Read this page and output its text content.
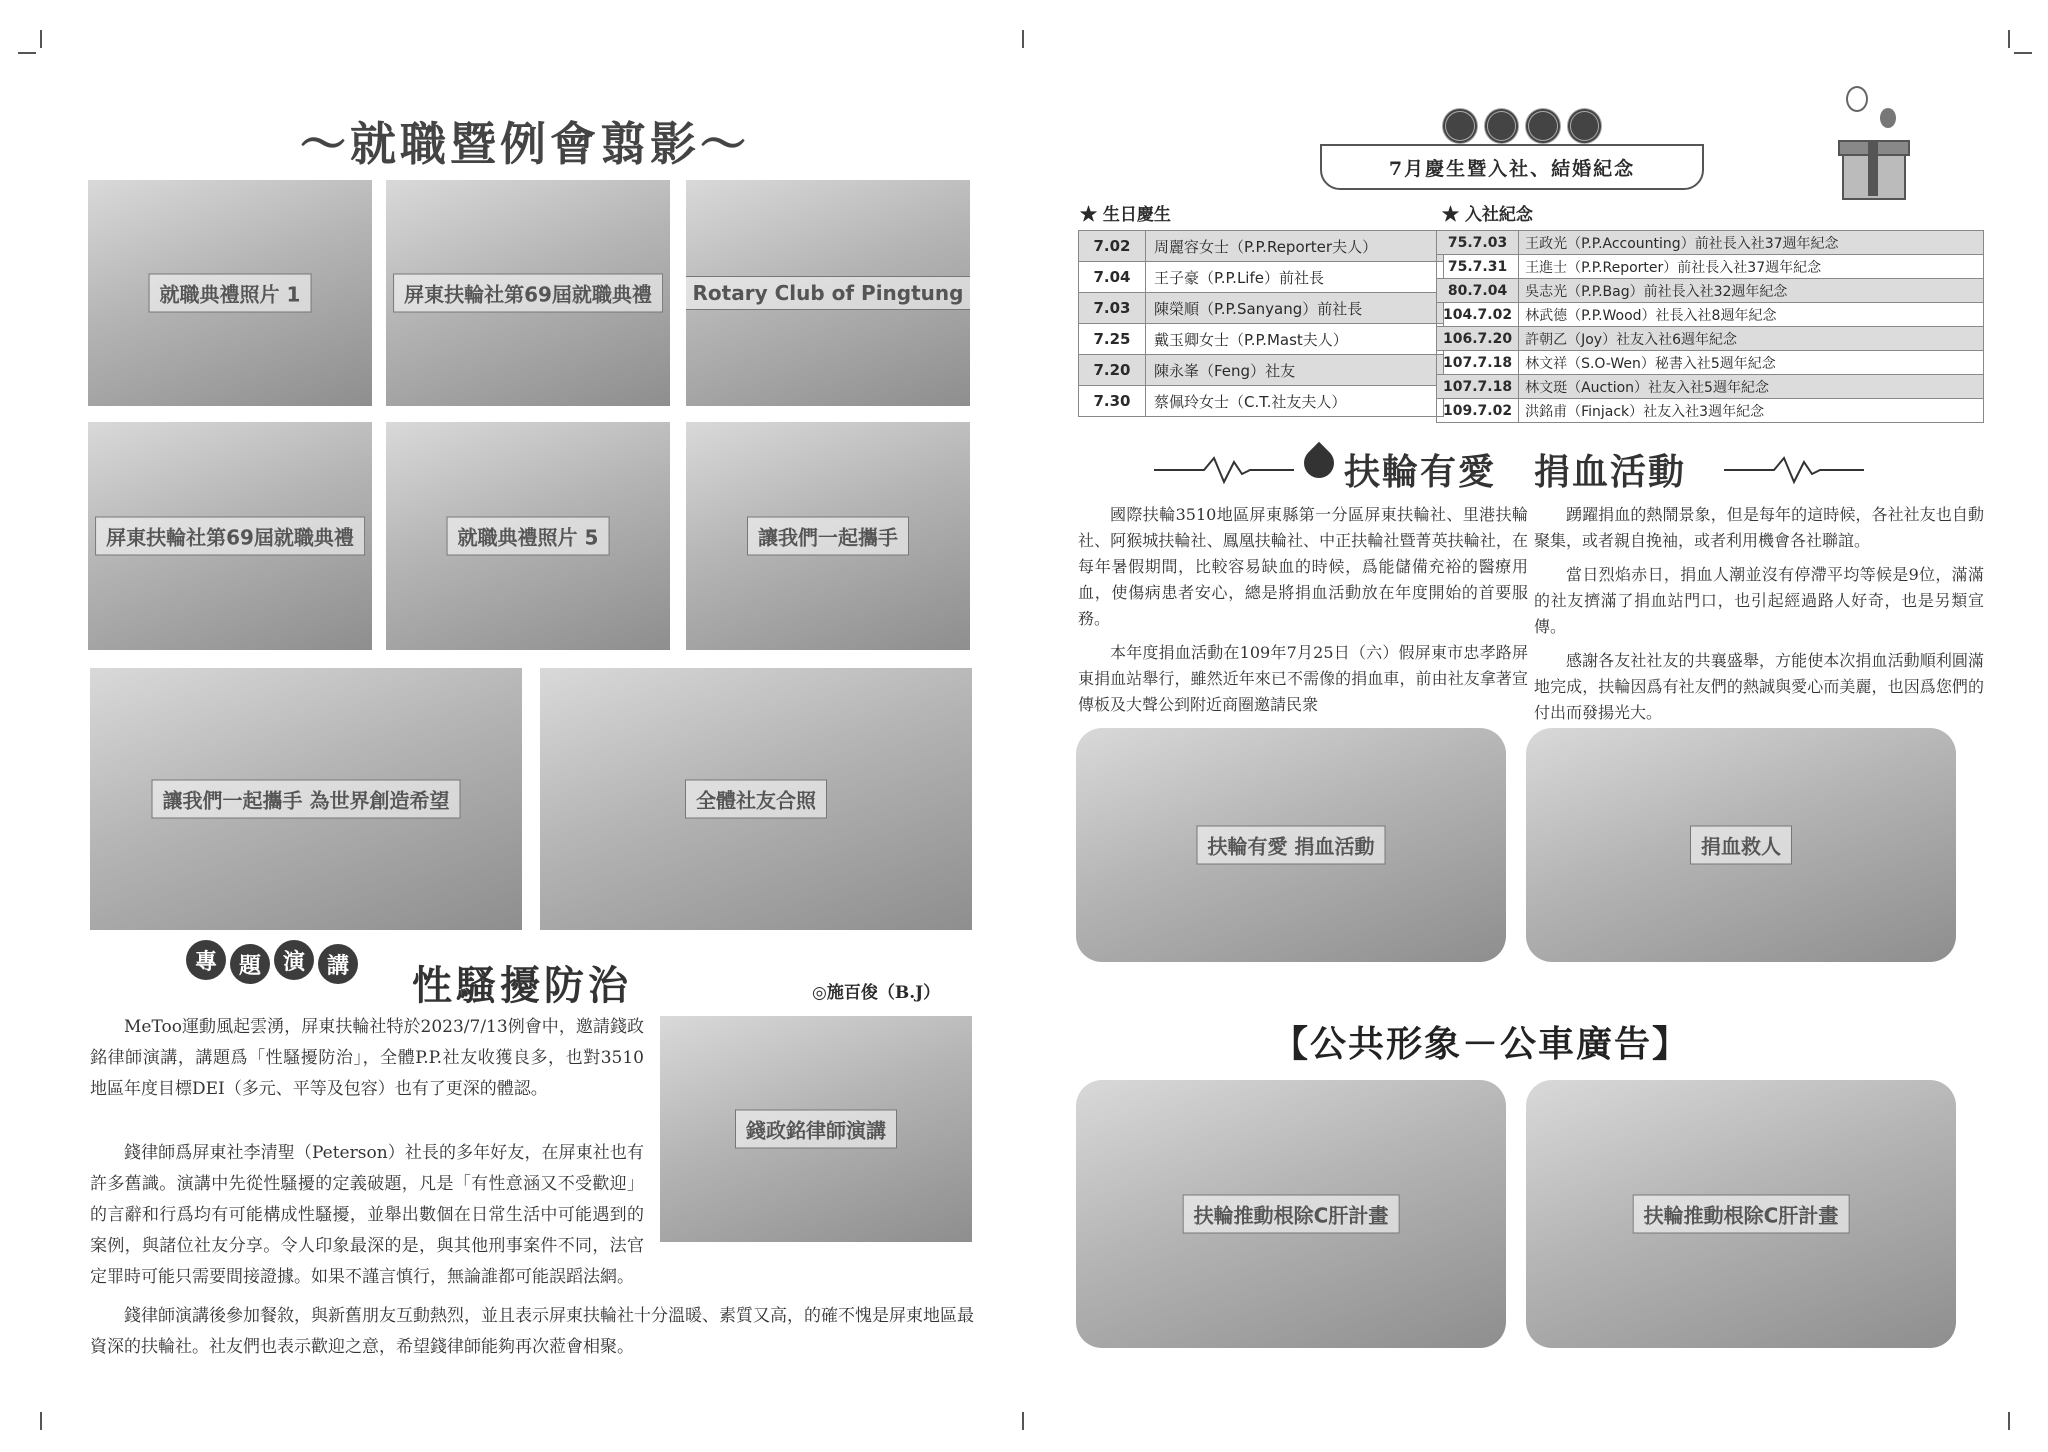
～就職暨例會翦影～
就職典禮照片 1	屏東扶輪社第69屆就職典禮	Rotary Club of Pingtung
屏東扶輪社第69屆就職典禮	就職典禮照片 5	讓我們一起攜手
讓我們一起攜手 為世界創造希望	全體社友合照
專 題 演 講 性騷擾防治	◎施百俊（B.J）
錢政銘律師演講

MeToo運動風起雲湧，屏東扶輪社特於2023/7/13例會中，邀請錢政銘律師演講，講題爲「性騷擾防治」，全體P.P.社友收獲良多，也對3510地區年度目標DEI（多元、平等及包容）也有了更深的體認。

錢律師爲屏東社李清聖（Peterson）社長的多年好友，在屏東社也有許多舊識。演講中先從性騷擾的定義破題，凡是「有性意涵又不受歡迎」的言辭和行爲均有可能構成性騷擾，並舉出數個在日常生活中可能遇到的案例，與諸位社友分享。令人印象最深的是，與其他刑事案件不同，法官定罪時可能只需要間接證據。如果不謹言慎行，無論誰都可能誤蹈法網。

錢律師演講後參加餐敘，與新舊朋友互動熱烈，並且表示屏東扶輪社十分溫暖、素質又高，的確不愧是屏東地區最資深的扶輪社。社友們也表示歡迎之意，希望錢律師能夠再次蒞會相聚。

7月慶生暨入社、結婚紀念
★ 生日慶生
7.02	周麗容女士（P.P.Reporter夫人）
7.04	王子豪（P.P.Life）前社長
7.03	陳榮順（P.P.Sanyang）前社長
7.25	戴玉卿女士（P.P.Mast夫人）
7.20	陳永峯（Feng）社友
7.30	蔡佩玲女士（C.T.社友夫人）
★ 入社紀念
75.7.03	王政光（P.P.Accounting）前社長入社37週年紀念
75.7.31	王進士（P.P.Reporter）前社長入社37週年紀念
80.7.04	吳志光（P.P.Bag）前社長入社32週年紀念
104.7.02	林武德（P.P.Wood）社長入社8週年紀念
106.7.20	許朝乙（Joy）社友入社6週年紀念
107.7.18	林文祥（S.O-Wen）秘書入社5週年紀念
107.7.18	林文珽（Auction）社友入社5週年紀念
109.7.02	洪銘甫（Finjack）社友入社3週年紀念
扶輪有愛　捐血活動

國際扶輪3510地區屏東縣第一分區屏東扶輪社、里港扶輪社、阿猴城扶輪社、鳳凰扶輪社、中正扶輪社暨菁英扶輪社，在每年暑假期間，比較容易缺血的時候，爲能儲備充裕的醫療用血，使傷病患者安心，總是將捐血活動放在年度開始的首要服務。

本年度捐血活動在109年7月25日（六）假屏東市忠孝路屏東捐血站舉行，雖然近年來已不需像的捐血車，前由社友拿著宣傳板及大聲公到附近商圈邀請民衆

踴躍捐血的熱鬧景象，但是每年的這時候，各社社友也自動聚集，或者親自挽袖，或者利用機會各社聯誼。

當日烈焰赤日，捐血人潮並沒有停滯平均等候是9位，滿滿的社友擠滿了捐血站門口，也引起經過路人好奇，也是另類宣傳。

感謝各友社社友的共襄盛舉，方能使本次捐血活動順利圓滿地完成，扶輪因爲有社友們的熱誠與愛心而美麗，也因爲您們的付出而發揚光大。

扶輪有愛 捐血活動	捐血救人
【公共形象－公車廣告】
扶輪推動根除C肝計畫	扶輪推動根除C肝計畫
